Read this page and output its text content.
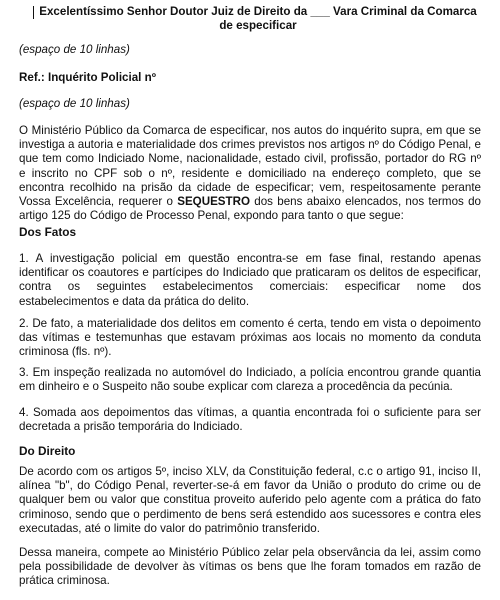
Excelentíssimo Senhor Doutor Juiz de Direito da ___ Vara Criminal da Comarca de especificar

(espaço de 10 linhas)

Ref.: Inquérito Policial nº

(espaço de 10 linhas)

O Ministério Público da Comarca de especificar, nos autos do inquérito supra, em que se investiga a autoria e materialidade dos crimes previstos nos artigos nº do Código Penal, e que tem como Indiciado Nome, nacionalidade, estado civil, profissão, portador do RG nº e inscrito no CPF sob o nº, residente e domiciliado na endereço completo, que se encontra recolhido na prisão da cidade de especificar; vem, respeitosamente perante Vossa Excelência, requerer o SEQUESTRO dos bens abaixo elencados, nos termos do artigo 125 do Código de Processo Penal, expondo para tanto o que segue:

Dos Fatos

1. A investigação policial em questão encontra-se em fase final, restando apenas identificar os coautores e partícipes do Indiciado que praticaram os delitos de especificar, contra os seguintes estabelecimentos comerciais: especificar nome dos estabelecimentos e data da prática do delito.

2. De fato, a materialidade dos delitos em comento é certa, tendo em vista o depoimento das vítimas e testemunhas que estavam próximas aos locais no momento da conduta criminosa (fls. nº).

3. Em inspeção realizada no automóvel do Indiciado, a polícia encontrou grande quantia em dinheiro e o Suspeito não soube explicar com clareza a procedência da pecúnia.

4. Somada aos depoimentos das vítimas, a quantia encontrada foi o suficiente para ser decretada a prisão temporária do Indiciado.

Do Direito

De acordo com os artigos 5º, inciso XLV, da Constituição federal, c.c o artigo 91, inciso II, alínea "b", do Código Penal, reverter-se-á em favor da União o produto do crime ou de qualquer bem ou valor que constitua proveito auferido pelo agente com a prática do fato criminoso, sendo que o perdimento de bens será estendido aos sucessores e contra eles executadas, até o limite do valor do patrimônio transferido.

Dessa maneira, compete ao Ministério Público zelar pela observância da lei, assim como pela possibilidade de devolver às vítimas os bens que lhe foram tomados em razão de prática criminosa.
